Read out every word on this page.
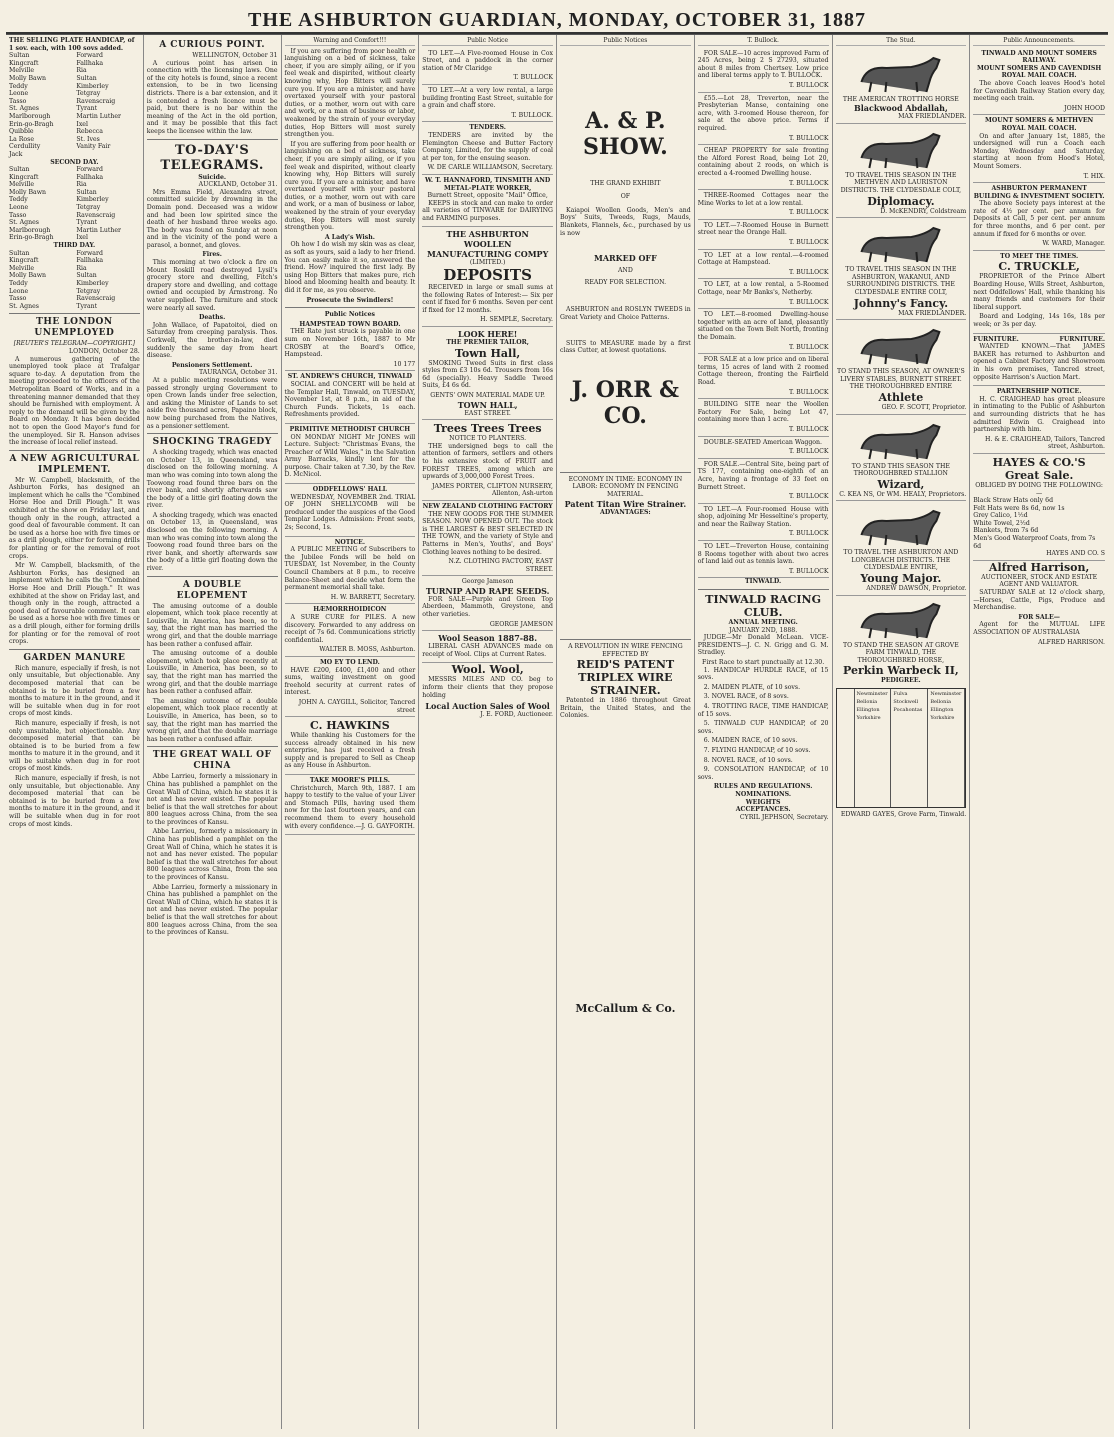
THE ASHBURTON GUARDIAN, MONDAY, OCTOBER 31, 1887
THE SELLING PLATE HANDICAP, of 1 sov. each, with 100 sovs added.
Sultan	Forward
Kingcraft	Fallhaka
Melville	Ria
Molly Bawn	Sultan
Teddy	Kimberley
Leone	Tetgray
Tasso	Ravenscraig
St. Agnes	Tyrant
Marlborough	Martin Luther
Erin-go-Bragh	Ixel
Quibble	Rebecca
La Rose	St. Ives
Cerdullity	Vanity Fair
Jack
SECOND DAY.
Sultan	Forward
Kingcraft	Fallhaka
Melville	Ria
Molly Bawn	Sultan
Teddy	Kimberley
Leone	Tetgray
Tasso	Ravenscraig
St. Agnes	Tyrant
Marlborough	Martin Luther
Erin-go-Bragh	Ixel
THIRD DAY.
Sultan	Forward
Kingcraft	Fallhaka
Melville	Ria
Molly Bawn	Sultan
Teddy	Kimberley
Leone	Tetgray
Tasso	Ravenscraig
St. Agnes	Tyrant
THE LONDON UNEMPLOYED
[REUTER'S TELEGRAM—COPYRIGHT.]
LONDON, October 28.
A numerous gathering of the unemployed took place at Trafalgar square to-day. A deputation from the meeting proceeded to the officers of the Metropolitan Board of Works, and in a threatening manner demanded that they should be furnished with employment. A reply to the demand will be given by the Board on Monday. It has been decided not to open the Good Mayor's fund for the unemployed. Sir R. Hanson advises the increase of local relief instead.
A NEW AGRICULTURAL IMPLEMENT.
Mr W. Campbell, blacksmith, of the Ashburton Forks, has designed an implement which he calls the "Combined Horse Hoe and Drill Plough." It was exhibited at the show on Friday last, and though only in the rough, attracted a good deal of favourable comment. It can be used as a horse hoe with five times or as a drill plough, either for forming drills for planting or for the removal of root crops.
Mr W. Campbell, blacksmith, of the Ashburton Forks, has designed an implement which he calls the "Combined Horse Hoe and Drill Plough." It was exhibited at the show on Friday last, and though only in the rough, attracted a good deal of favourable comment. It can be used as a horse hoe with five times or as a drill plough, either for forming drills for planting or for the removal of root crops.
GARDEN MANURE
Rich manure, especially if fresh, is not only unsuitable, but objectionable. Any decomposed material that can be obtained is to be buried from a few months to mature it in the ground, and it will be suitable when dug in for root crops of most kinds.
Rich manure, especially if fresh, is not only unsuitable, but objectionable. Any decomposed material that can be obtained is to be buried from a few months to mature it in the ground, and it will be suitable when dug in for root crops of most kinds.
Rich manure, especially if fresh, is not only unsuitable, but objectionable. Any decomposed material that can be obtained is to be buried from a few months to mature it in the ground, and it will be suitable when dug in for root crops of most kinds.
A CURIOUS POINT.
WELLINGTON, October 31
A curious point has arisen in connection with the licensing laws. One of the city hotels is found, since a recent extension, to be in two licensing districts. There is a bar extension, and it is contended a fresh licence must be paid, but there is no bar within the meaning of the Act in the old portion, and it may be possible that this fact keeps the licensee within the law.
TO-DAY'S TELEGRAMS.
Suicide.
AUCKLAND, October 31.
Mrs Emma Field, Alexandra street, committed suicide by drowning in the Domain pond. Deceased was a widow and had been low spirited since the death of her husband three weeks ago. The body was found on Sunday at noon and in the vicinity of the pond were a parasol, a bonnet, and gloves.
Fires.
This morning at two o'clock a fire on Mount Roskill road destroyed Lysil's grocery store and dwelling, Fitch's drapery store and dwelling, and cottage owned and occupied by Armstrong. No water supplied. The furniture and stock were nearly all saved.
Deaths.
John Wallace, of Papatoitoi, died on Saturday from creeping paralysis. Thos. Corkwell, the brother-in-law, died suddenly the same day from heart disease.
Pensioners Settlement.
TAURANGA, October 31.
At a public meeting resolutions were passed strongly urging Government to open Crown lands under free selection, and asking the Minister of Lands to set aside five thousand acres, Papaino block, now being purchased from the Natives, as a pensioner settlement.
SHOCKING TRAGEDY
A shocking tragedy, which was enacted on October 13, in Queensland, was disclosed on the following morning. A man who was coming into town along the Toowong road found three bars on the river bank, and shortly afterwards saw the body of a little girl floating down the river.
A shocking tragedy, which was enacted on October 13, in Queensland, was disclosed on the following morning. A man who was coming into town along the Toowong road found three bars on the river bank, and shortly afterwards saw the body of a little girl floating down the river.
A DOUBLE ELOPEMENT
The amusing outcome of a double elopement, which took place recently at Louisville, in America, has been, so to say, that the right man has married the wrong girl, and that the double marriage has been rather a confused affair.
The amusing outcome of a double elopement, which took place recently at Louisville, in America, has been, so to say, that the right man has married the wrong girl, and that the double marriage has been rather a confused affair.
The amusing outcome of a double elopement, which took place recently at Louisville, in America, has been, so to say, that the right man has married the wrong girl, and that the double marriage has been rather a confused affair.
THE GREAT WALL OF CHINA
Abbe Larrieu, formerly a missionary in China has published a pamphlet on the Great Wall of China, which he states it is not and has never existed. The popular belief is that the wall stretches for about 800 leagues across China, from the sea to the provinces of Kansu.
Abbe Larrieu, formerly a missionary in China has published a pamphlet on the Great Wall of China, which he states it is not and has never existed. The popular belief is that the wall stretches for about 800 leagues across China, from the sea to the provinces of Kansu.
Abbe Larrieu, formerly a missionary in China has published a pamphlet on the Great Wall of China, which he states it is not and has never existed. The popular belief is that the wall stretches for about 800 leagues across China, from the sea to the provinces of Kansu.
Warning and Comfort!!!
If you are suffering from poor health or languishing on a bed of sickness, take cheer, if you are simply ailing, or if you feel weak and dispirited, without clearly knowing why, Hop Bitters will surely cure you. If you are a minister, and have overtaxed yourself with your pastoral duties, or a mother, worn out with care and work, or a man of business or labor, weakened by the strain of your everyday duties, Hop Bitters will most surely strengthen you.
If you are suffering from poor health or languishing on a bed of sickness, take cheer, if you are simply ailing, or if you feel weak and dispirited, without clearly knowing why, Hop Bitters will surely cure you. If you are a minister, and have overtaxed yourself with your pastoral duties, or a mother, worn out with care and work, or a man of business or labor, weakened by the strain of your everyday duties, Hop Bitters will most surely strengthen you.
A Lady's Wish.
Oh how I do wish my skin was as clear, as soft as yours, said a lady to her friend. You can easily make it so, answered the friend. How? inquired the first lady. By using Hop Bitters that makes pure, rich blood and blooming health and beauty. It did it for me, as you observe.
Prosecute the Swindlers!
Public Notices
HAMPSTEAD TOWN BOARD.
THE Rate just struck is payable in one sum on November 16th, 1887 to Mr CROSBY at the Board's Office, Hampstead.
10 177
ST. ANDREW'S CHURCH, TINWALD
SOCIAL and CONCERT will be held at the Templar Hall, Tinwald, on TUESDAY, November 1st, at 8 p.m., in aid of the Church Funds. Tickets, 1s each. Refreshments provided.
PRIMITIVE METHODIST CHURCH
ON MONDAY NIGHT Mr JONES will Lecture. Subject: "Christmas Evans, the Preacher of Wild Wales," in the Salvation Army Barracks, kindly lent for the purpose. Chair taken at 7.30, by the Rev. D. McNicol.
ODDFELLOWS' HALL
WEDNESDAY, NOVEMBER 2nd. TRIAL OF JOHN SHELLYCOMB will be produced under the auspices of the Good Templar Lodges. Admission: Front seats, 2s; Second, 1s.
NOTICE.
A PUBLIC MEETING of Subscribers to the Jubilee Fonds will be held on TUESDAY, 1st November, in the County Council Chambers at 8 p.m., to receive Balance-Sheet and decide what form the permanent memorial shall take.
H. W. BARRETT, Secretary.
HÆMORRHOIDICON
A SURE CURE for PILES. A new discovery. Forwarded to any address on receipt of 7s 6d. Communications strictly confidential.
WALTER B. MOSS, Ashburton.
MO EY TO LEND.
HAVE £200, £400, £1,400 and other sums, waiting investment on good freehold security at current rates of interest.
JOHN A. CAYGILL, Solicitor, Tancred street
C. HAWKINS
While thanking his Customers for the success already obtained in his new enterprise, has just received a fresh supply and is prepared to Sell as Cheap as any House in Ashburton.
TAKE MOORE'S PILLS.
Christchurch, March 9th, 1887. I am happy to testify to the value of your Liver and Stomach Pills, having used them now for the last fourteen years, and can recommend them to every household with every confidence.—J. G. GAYFORTH.
Public Notice
TO LET.—A Five-roomed House in Cox Street, and a paddock in the corner station of Mr Claridge
T. BULLOCK
TO LET.—At a very low rental, a large building fronting East Street, suitable for a grain and chaff store.
T. BULLOCK.
TENDERS.
TENDERS are invited by the Flemington Cheese and Butter Factory Company, Limited, for the supply of coal at per ton, for the ensuing season.
W. DE CARLE WILLIAMSON, Secretary.
W. T. HANNAFORD, TINSMITH AND METAL-PLATE WORKER,
Burnett Street, opposite "Mail" Office,
KEEPS in stock and can make to order all varieties of TINWARE for DAIRYING and FARMING purposes.
THE ASHBURTON WOOLLEN MANUFACTURING COMPY
(LIMITED.)
DEPOSITS
RECEIVED in large or small sums at the following Rates of Interest:— Six per cent if fixed for 6 months. Seven per cent if fixed for 12 months.
H. SEMPLE, Secretary.
LOOK HERE!
THE PREMIER TAILOR,
Town Hall,
SMOKING Tweed Suits in first class styles from £3 10s 6d. Trousers from 16s 6d (specially). Heavy Saddle Tweed Suits, £4 6s 6d.
GENTS' OWN MATERIAL MADE UP.
TOWN HALL,
EAST STREET.
Trees Trees Trees
NOTICE TO PLANTERS.
THE undersigned begs to call the attention of farmers, settlers and others to his extensive stock of FRUIT and FOREST TREES, among which are upwards of 3,000,000 Forest Trees.
JAMES PORTER, CLIFTON NURSERY, Allenton, Ash-urton
NEW ZEALAND CLOTHING FACTORY
THE NEW GOODS FOR THE SUMMER SEASON. NOW OPENED OUT. The stock is THE LARGEST & BEST SELECTED IN THE TOWN, and the variety of Style and Patterns in Men's, Youths', and Boys' Clothing leaves nothing to be desired.
N.Z. CLOTHING FACTORY, EAST STREET.
George Jameson
TURNIP AND RAPE SEEDS.
FOR SALE—Purple and Green Top Aberdeen, Mammoth, Greystone, and other varieties.
GEORGE JAMESON
Wool Season 1887-88.
LIBERAL CASH ADVANCES made on receipt of Wool. Clips at Current Rates.
Wool. Wool,
MESSRS MILES AND CO. beg to inform their clients that they propose holding
Local Auction Sales of Wool
J. E. FORD, Auctioneer.
Public Notices
A. & P. SHOW.
THE GRAND EXHIBIT
OF
Kaiapoi Woollen Goods, Men's and Boys' Suits, Tweeds, Rugs, Mauds, Blankets, Flannels, &c., purchased by us is now
MARKED OFF
AND
READY FOR SELECTION.
ASHBURTON and ROSLYN TWEEDS in Great Variety and Choice Patterns.
SUITS to MEASURE made by a first class Cutter, at lowest quotations.
J. ORR & CO.
ECONOMY IN TIME: ECONOMY IN LABOR: ECONOMY IN FENCING MATERIAL.
Patent Titan Wire Strainer.
ADVANTAGES:
A REVOLUTION IN WIRE FENCING
EFFECTED BY
REID'S PATENT
TRIPLEX WIRE STRAINER.
Patented in 1886 throughout Great Britain, the United States, and the Colonies.
McCallum & Co.
T. Bullock.
FOR SALE—10 acres improved Farm of 245 Acres, being 2 S 27293, situated about 8 miles from Chertsey. Low price and liberal terms apply to T. BULLOCK.
T. BULLOCK
£55.—Lot 28, Treverton, near the Presbyterian Manse, containing one acre, with 3-roomed House thereon, for sale at the above price. Terms if required.
T. BULLOCK
CHEAP PROPERTY for sale fronting the Alford Forest Road, being Lot 20, containing about 2 roods, on which is erected a 4-roomed Dwelling house.
T. BULLOCK
THREE-Roomed Cottages near the Mine Works to let at a low rental.
T. BULLOCK
TO LET.—7-Roomed House in Burnett street near the Orange Hall.
T. BULLOCK
TO LET at a low rental.—4-roomed Cottage at Hampstead.
T. BULLOCK
TO LET, at a low rental, a 5-Roomed Cottage, near Mr Banks's, Netherby.
T. BULLOCK
TO LET.—8-roomed Dwelling-house together with an acre of land, pleasantly situated on the Town Belt North, fronting the Domain.
T. BULLOCK
FOR SALE at a low price and on liberal terms, 15 acres of land with 2 roomed Cottage thereon, fronting the Fairfield Road.
T. BULLOCK
BUILDING SITE near the Woollen Factory For Sale, being Lot 47, containing more than 1 acre.
T. BULLOCK
DOUBLE-SEATED American Waggon.
T. BULLOCK
FOR SALE.—Central Site, being part of TS 177, containing one-eighth of an Acre, having a frontage of 33 feet on Burnett Street.
T. BULLOCK
TO LET.—A Four-roomed House with shop, adjoining Mr Hesseltine's property, and near the Railway Station.
T. BULLOCK
TO LET.—Treverton House, containing 8 Rooms together with about two acres of land laid out as tennis lawn.
T. BULLOCK
TINWALD.
TINWALD RACING CLUB.
ANNUAL MEETING.
JANUARY 2ND, 1888.
JUDGE—Mr Donald McLean. VICE-PRESIDENTS—J. C. N. Grigg and G. M. Stradley.
First Race to start punctually at 12.30.
1. HANDICAP HURDLE RACE, of 15 sovs.
2. MAIDEN PLATE, of 10 sovs.
3. NOVEL RACE, of 8 sovs.
4. TROTTING RACE, TIME HANDICAP, of 15 sovs.
5. TINWALD CUP HANDICAP, of 20 sovs.
6. MAIDEN RACE, of 10 sovs.
7. FLYING HANDICAP, of 10 sovs.
8. NOVEL RACE, of 10 sovs.
9. CONSOLATION HANDICAP, of 10 sovs.
RULES AND REGULATIONS.
NOMINATIONS.
WEIGHTS
ACCEPTANCES.
CYRIL JEPHSON, Secretary.
The Stud.
THE AMERICAN TROTTING HORSE
Blackwood Abdallah,
MAX FRIEDLANDER.
TO TRAVEL THIS SEASON IN THE METHVEN AND LAURISTON DISTRICTS. THE CLYDESDALE COLT,
Diplomacy.
D. McKENDRY, Coldstream
TO TRAVEL THIS SEASON IN THE ASHBURTON, WAKANUI, AND SURROUNDING DISTRICTS. THE CLYDESDALE ENTIRE COLT,
Johnny's Fancy.
MAX FRIEDLANDER.
TO STAND THIS SEASON, AT OWNER'S LIVERY STABLES, BURNETT STREET. THE THOROUGHBRED ENTIRE
Athlete
GEO. F. SCOTT, Proprietor.
TO STAND THIS SEASON THE THOROUGHBRED STALLION
Wizard,
C. KEA NS, Or WM. HEALY, Proprietors.
TO TRAVEL THE ASHBURTON AND LONGBEACH DISTRICTS. THE CLYDESDALE ENTIRE,
Young Major.
ANDREW DAWSON, Proprietor.
TO STAND THE SEASON AT GROVE FARM TINWALD, THE THOROUGHBRED HORSE,
Perkin Warbeck II,
PEDIGREE.
Newminster
Bellonia
Ellington
Yorkshire
Fulva
Stockwell
Pocahontas
Newminster
Bellonia
Ellington
Yorkshire
EDWARD GAYES, Grove Farm, Tinwald.
Public Announcements.
TINWALD AND MOUNT SOMERS RAILWAY.
MOUNT SOMERS AND CAVENDISH ROYAL MAIL COACH.
The above Coach leaves Hood's hotel for Cavendish Railway Station every day, meeting each train.
JOHN HOOD
MOUNT SOMERS & METHVEN ROYAL MAIL COACH.
On and after January 1st, 1885, the undersigned will run a Coach each Monday, Wednesday and Saturday, starting at noon from Hood's Hotel, Mount Somers.
T. HIX.
ASHBURTON PERMANENT BUILDING & INVESTMENT SOCIETY.
The above Society pays interest at the rate of 4½ per cent. per annum for Deposits at Call, 5 per cent. per annum for three months, and 6 per cent. per annum if fixed for 6 months or over.
W. WARD, Manager.
TO MEET THE TIMES.
C. TRUCKLE,
PROPRIETOR of the Prince Albert Boarding House, Wills Street, Ashburton, next Oddfellows' Hall, while thanking his many friends and customers for their liberal support.
Board and Lodging, 14s 16s, 18s per week; or 3s per day.
FURNITURE.	FURNITURE.
WANTED KNOWN.—That JAMES BAKER has returned to Ashburton and opened a Cabinet Factory and Showroom in his own premises, Tancred street, opposite Harrison's Auction Mart.
PARTNERSHIP NOTICE.
H. C. CRAIGHEAD has great pleasure in intimating to the Public of Ashburton and surrounding districts that he has admitted Edwin G. Craighead into partnership with him.
H. & E. CRAIGHEAD, Tailors, Tancred street, Ashburton.
HAYES & CO.'S
Great Sale.
OBLIGED BY DOING THE FOLLOWING:—
Black Straw Hats only 6d
Felt Hats were 8s 6d, now 1s
Grey Calico, 1½d
White Towel, 2½d
Blankets, from 7s 6d
Men's Good Waterproof Coats, from 7s 6d
HAYES AND CO. S
Alfred Harrison,
AUCTIONEER, STOCK AND ESTATE AGENT AND VALUATOR.
SATURDAY SALE at 12 o'clock sharp, —Horses, Cattle, Pigs, Produce and Merchandise.
FOR SALE—
Agent for the MUTUAL LIFE ASSOCIATION OF AUSTRALASIA
ALFRED HARRISON.
